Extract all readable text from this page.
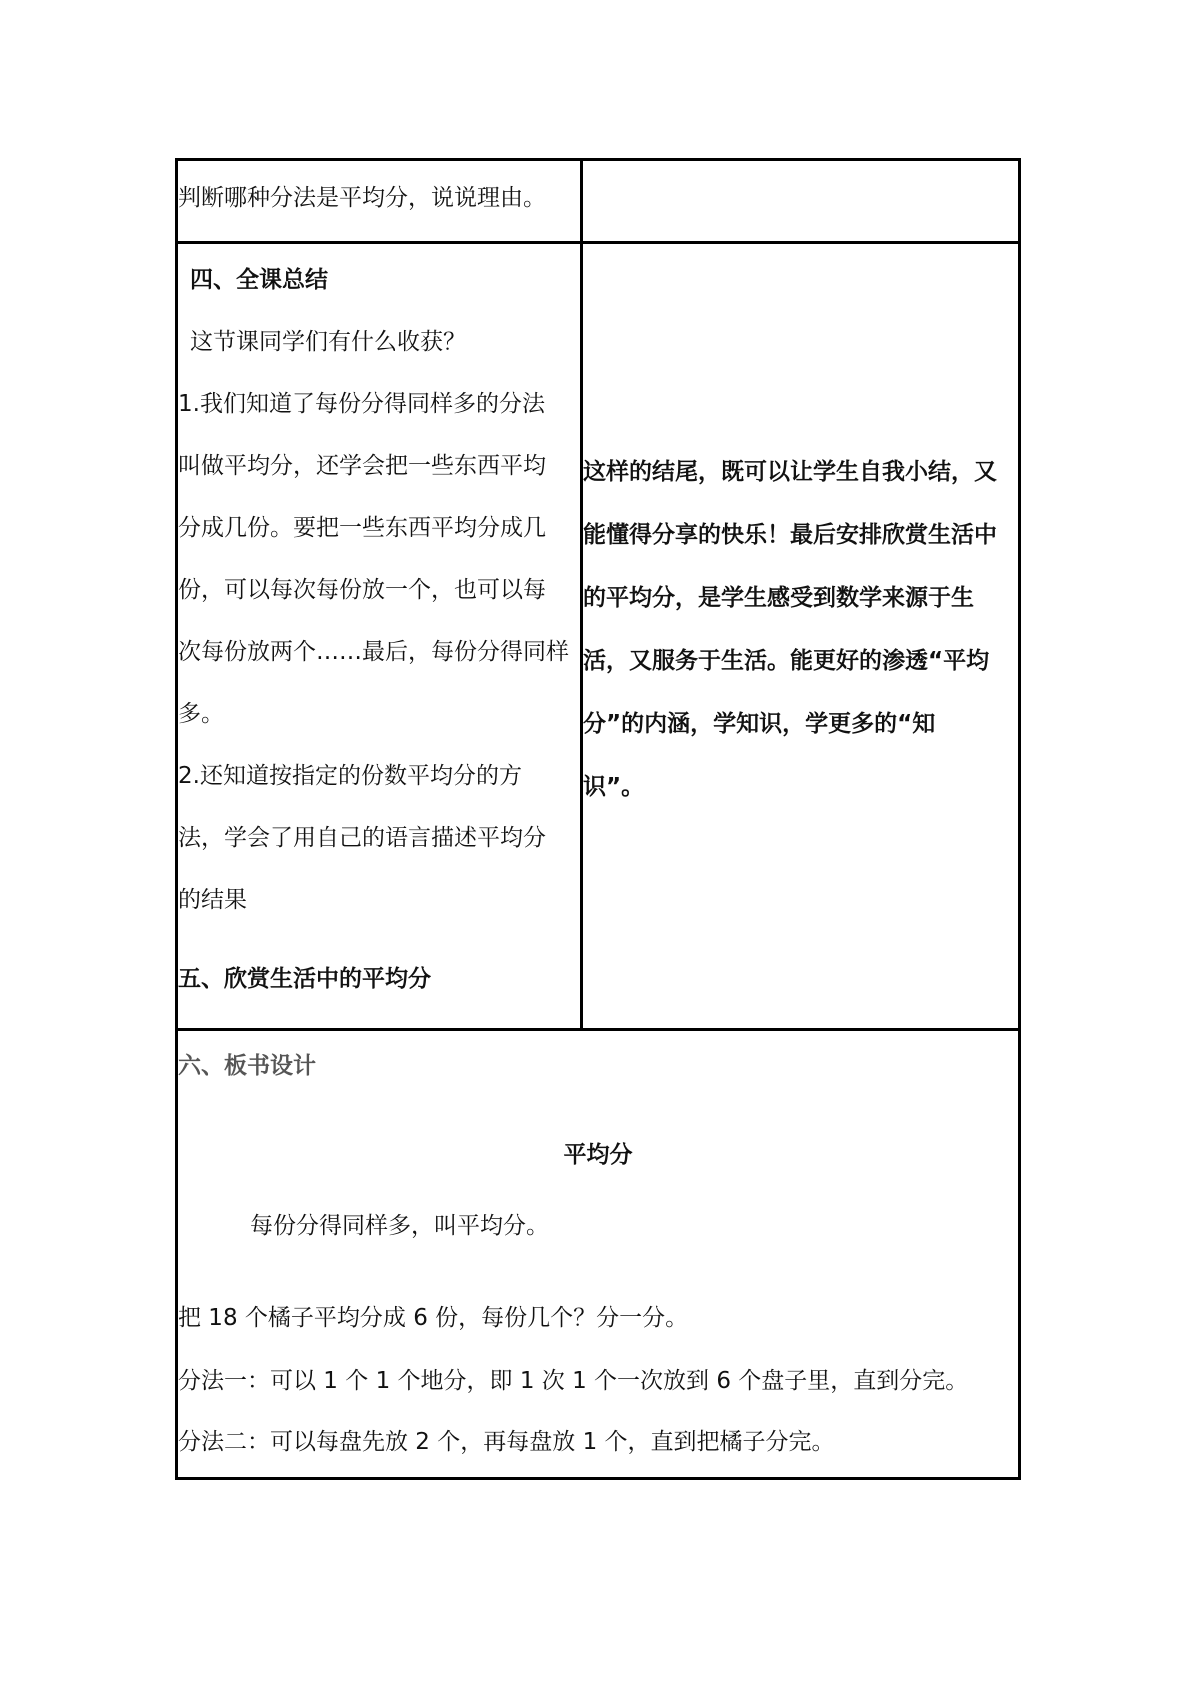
判断哪种分法是平均分，说说理由。
四、全课总结
这节课同学们有什么收获？
1.我们知道了每份分得同样多的分法
叫做平均分，还学会把一些东西平均
分成几份。要把一些东西平均分成几
份，可以每次每份放一个，也可以每
次每份放两个……最后，每份分得同样
多。
2.还知道按指定的份数平均分的方
法，学会了用自己的语言描述平均分
的结果
五、欣赏生活中的平均分
这样的结尾，既可以让学生自我小结，又
能懂得分享的快乐！最后安排欣赏生活中
的平均分，是学生感受到数学来源于生
活，又服务于生活。能更好的渗透“平均
分”的内涵，学知识，学更多的“知
识”。
六、板书设计
平均分
每份分得同样多，叫平均分。
把 18 个橘子平均分成 6 份，每份几个？分一分。
分法一：可以 1 个 1 个地分，即 1 次 1 个一次放到 6 个盘子里，直到分完。
分法二：可以每盘先放 2 个，再每盘放 1 个，直到把橘子分完。
